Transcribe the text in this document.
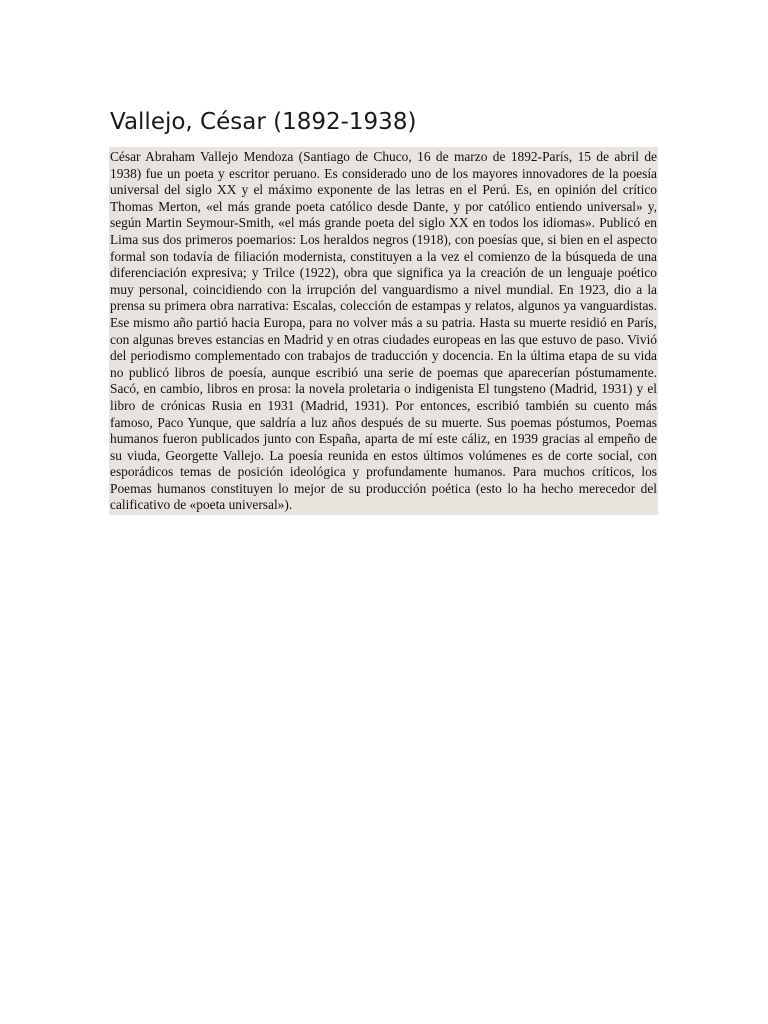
Vallejo, César (1892-1938)

César Abraham Vallejo Mendoza (Santiago de Chuco, 16 de marzo de 1892-París, 15 de abril de 1938) fue un poeta y escritor peruano. Es considerado uno de los mayores innovadores de la poesía universal del siglo XX y el máximo exponente de las letras en el Perú. Es, en opinión del crítico Thomas Merton, «el más grande poeta católico desde Dante, y por católico entiendo universal» y, según Martin Seymour-Smith, «el más grande poeta del siglo XX en todos los idiomas». Publicó en Lima sus dos primeros poemarios: Los heraldos negros (1918), con poesías que, si bien en el aspecto formal son todavía de filiación modernista, constituyen a la vez el comienzo de la búsqueda de una diferenciación expresiva; y Trilce (1922), obra que significa ya la creación de un lenguaje poético muy personal, coincidiendo con la irrupción del vanguardismo a nivel mundial. En 1923, dio a la prensa su primera obra narrativa: Escalas, colección de estampas y relatos, algunos ya vanguardistas. Ese mismo año partió hacia Europa, para no volver más a su patria. Hasta su muerte residió en París, con algunas breves estancias en Madrid y en otras ciudades europeas en las que estuvo de paso. Vivió del periodismo complementado con trabajos de traducción y docencia. En la última etapa de su vida no publicó libros de poesía, aunque escribió una serie de poemas que aparecerían póstumamente. Sacó, en cambio, libros en prosa: la novela proletaria o indigenista El tungsteno (Madrid, 1931) y el libro de crónicas Rusia en 1931 (Madrid, 1931). Por entonces, escribió también su cuento más famoso, Paco Yunque, que saldría a luz años después de su muerte. Sus poemas póstumos, Poemas humanos fueron publicados junto con España, aparta de mí este cáliz, en 1939 gracias al empeño de su viuda, Georgette Vallejo. La poesía reunida en estos últimos volúmenes es de corte social, con esporádicos temas de posición ideológica y profundamente humanos. Para muchos críticos, los Poemas humanos constituyen lo mejor de su producción poética (esto lo ha hecho merecedor del calificativo de «poeta universal»).
